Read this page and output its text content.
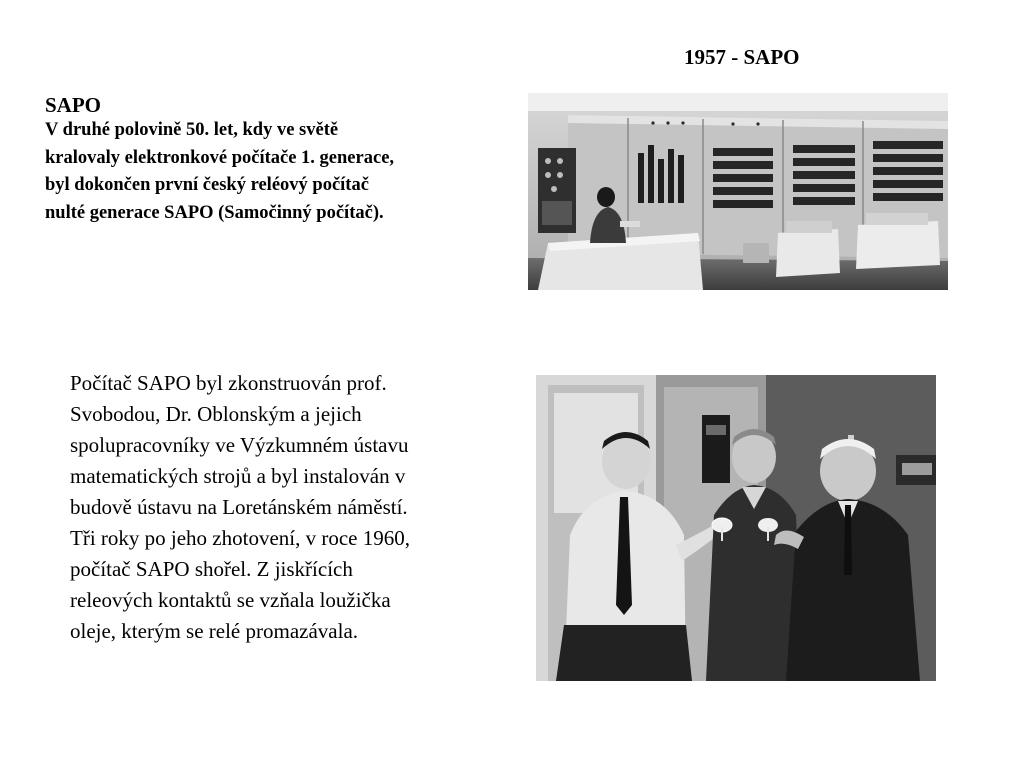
1957 - SAPO

SAPO

V druhé polovině 50. let, kdy ve světě
kralovaly elektronkové počítače 1. generace,
byl dokončen první český reléový počítač
nulté generace SAPO (Samočinný počítač).

Počítač SAPO byl zkonstruován prof.
Svobodou, Dr. Oblonským a jejich
spolupracovníky ve Výzkumném ústavu
matematických strojů a byl instalován v
budově ústavu na Loretánském náměstí.
Tři roky po jeho zhotovení, v roce 1960,
počítač SAPO shořel. Z jiskřících
releových kontaktů se vzňala loužička
oleje, kterým se relé promazávala.
